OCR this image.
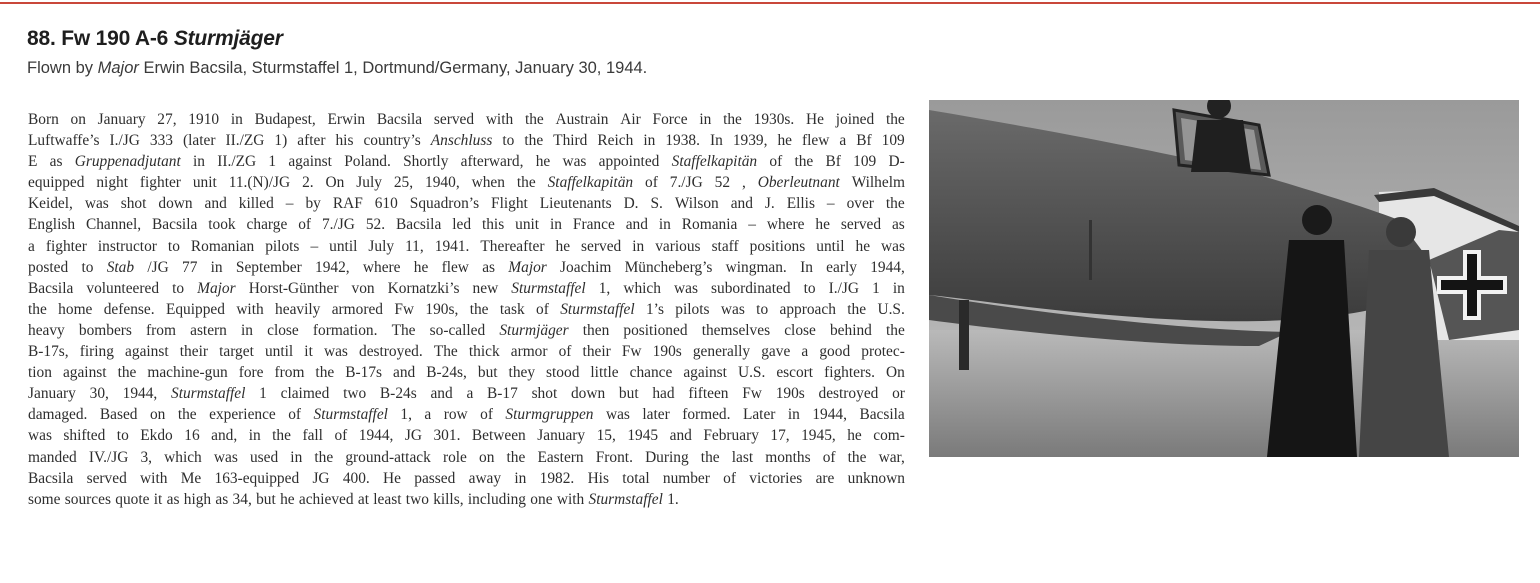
88. Fw 190 A-6 Sturmjäger
Flown by Major Erwin Bacsila, Sturmstaffel 1, Dortmund/Germany, January 30, 1944.
Born on January 27, 1910 in Budapest, Erwin Bacsila served with the Austrain Air Force in the 1930s. He joined the
Luftwaffe’s I./JG 333 (later II./ZG 1) after his country’s Anschluss to the Third Reich in 1938. In 1939, he flew a Bf 109
E as Gruppenadjutant in II./ZG 1 against Poland. Shortly afterward, he was appointed Staffelkapitän of the Bf 109 D-
equipped night fighter unit 11.(N)/JG 2. On July 25, 1940, when the Staffelkapitän of 7./JG 52 , Oberleutnant Wilhelm
Keidel, was shot down and killed – by RAF 610 Squadron’s Flight Lieutenants D. S. Wilson and J. Ellis – over the
English Channel, Bacsila took charge of 7./JG 52. Bacsila led this unit in France and in Romania – where he served as
a fighter instructor to Romanian pilots – until July 11, 1941. Thereafter he served in various staff positions until he was
posted to Stab /JG 77 in September 1942, where he flew as Major Joachim Müncheberg’s wingman. In early 1944,
Bacsila volunteered to Major Horst-Günther von Kornatzki’s new Sturmstaffel 1, which was subordinated to I./JG 1 in
the home defense. Equipped with heavily armored Fw 190s, the task of Sturmstaffel 1’s pilots was to approach the U.S.
heavy bombers from astern in close formation. The so-called Sturmjäger then positioned themselves close behind the
B-17s, firing against their target until it was destroyed. The thick armor of their Fw 190s generally gave a good protec-
tion against the machine-gun fore from the B-17s and B-24s, but they stood little chance against U.S. escort fighters. On
January 30, 1944, Sturmstaffel 1 claimed two B-24s and a B-17 shot down but had fifteen Fw 190s destroyed or
damaged. Based on the experience of Sturmstaffel 1, a row of Sturmgruppen was later formed. Later in 1944, Bacsila
was shifted to Ekdo 16 and, in the fall of 1944, JG 301. Between January 15, 1945 and February 17, 1945, he com-
manded IV./JG 3, which was used in the ground-attack role on the Eastern Front. During the last months of the war,
Bacsila served with Me 163-equipped JG 400. He passed away in 1982. His total number of victories are unknown
some sources quote it as high as 34, but he achieved at least two kills, including one with Sturmstaffel 1.
